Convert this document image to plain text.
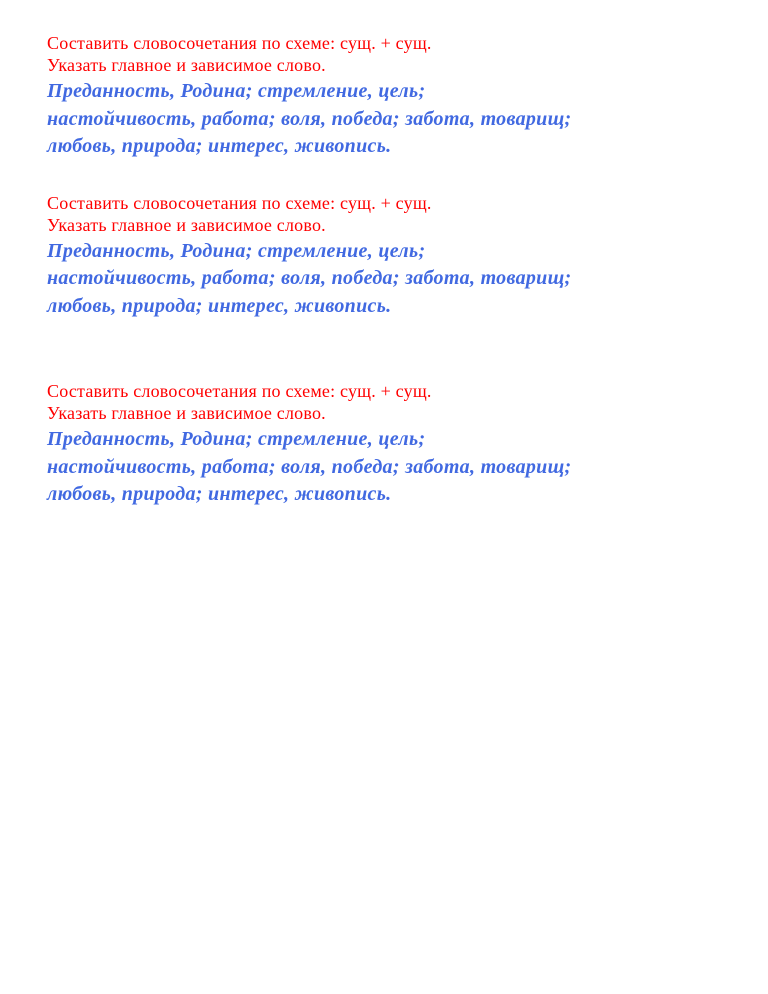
Составить словосочетания по схеме: сущ. + сущ.

Указать главное и зависимое слово.

Преданность, Родина; стремление, цель;
настойчивость, работа; воля, победа; забота, товарищ;
любовь, природа; интерес, живопись.

Составить словосочетания по схеме: сущ. + сущ.

Указать главное и зависимое слово.

Преданность, Родина; стремление, цель;
настойчивость, работа; воля, победа; забота, товарищ;
любовь, природа; интерес, живопись.

Составить словосочетания по схеме: сущ. + сущ.

Указать главное и зависимое слово.

Преданность, Родина; стремление, цель;
настойчивость, работа; воля, победа; забота, товарищ;
любовь, природа; интерес, живопись.
